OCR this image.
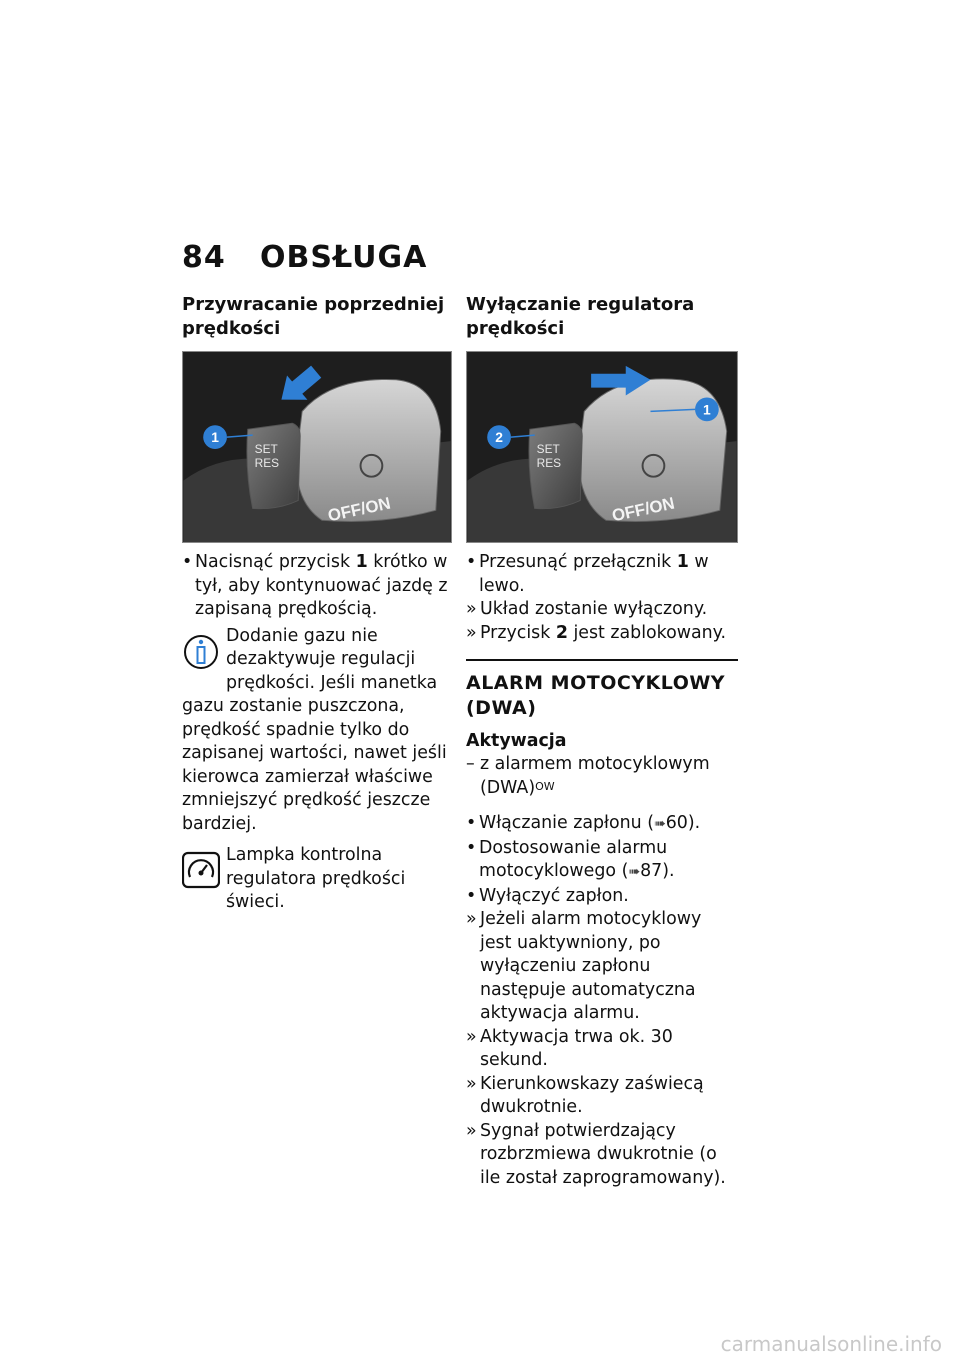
84 OBSŁUGA
Przywracanie poprzedniej prędkości
1
SET
RES
OFF/ON
• Nacisnąć przycisk 1 krótko w tył, aby kontynuować jazdę z zapisaną prędkością.
Dodanie gazu nie dezaktywuje regulacji prędkości. Jeśli manetka gazu zostanie puszczona, prędkość spadnie tylko do zapisanej wartości, nawet jeśli kierowca zamierzał właściwe zmniejszyć prędkość jeszcze bardziej.
Lampka kontrolna regulatora prędkości świeci.
Wyłączanie regulatora prędkości
2
1
SET
RES
OFF/ON
• Przesunąć przełącznik 1 w lewo.
» Układ zostanie wyłączony.
» Przycisk 2 jest zablokowany.
ALARM MOTOCYKLOWY (DWA)
Aktywacja
– z alarmem motocyklowym (DWA)$^{OW}$
• Włączanie zapłonu (➠60).
• Dostosowanie alarmu motocyklowego (➠87).
• Wyłączyć zapłon.
» Jeżeli alarm motocyklowy jest uaktywniony, po wyłączeniu zapłonu następuje automatyczna aktywacja alarmu.
» Aktywacja trwa ok. 30 sekund.
» Kierunkowskazy zaświecą dwukrotnie.
» Sygnał potwierdzający rozbrzmiewa dwukrotnie (o ile został zaprogramowany).
carmanualsonline.info
